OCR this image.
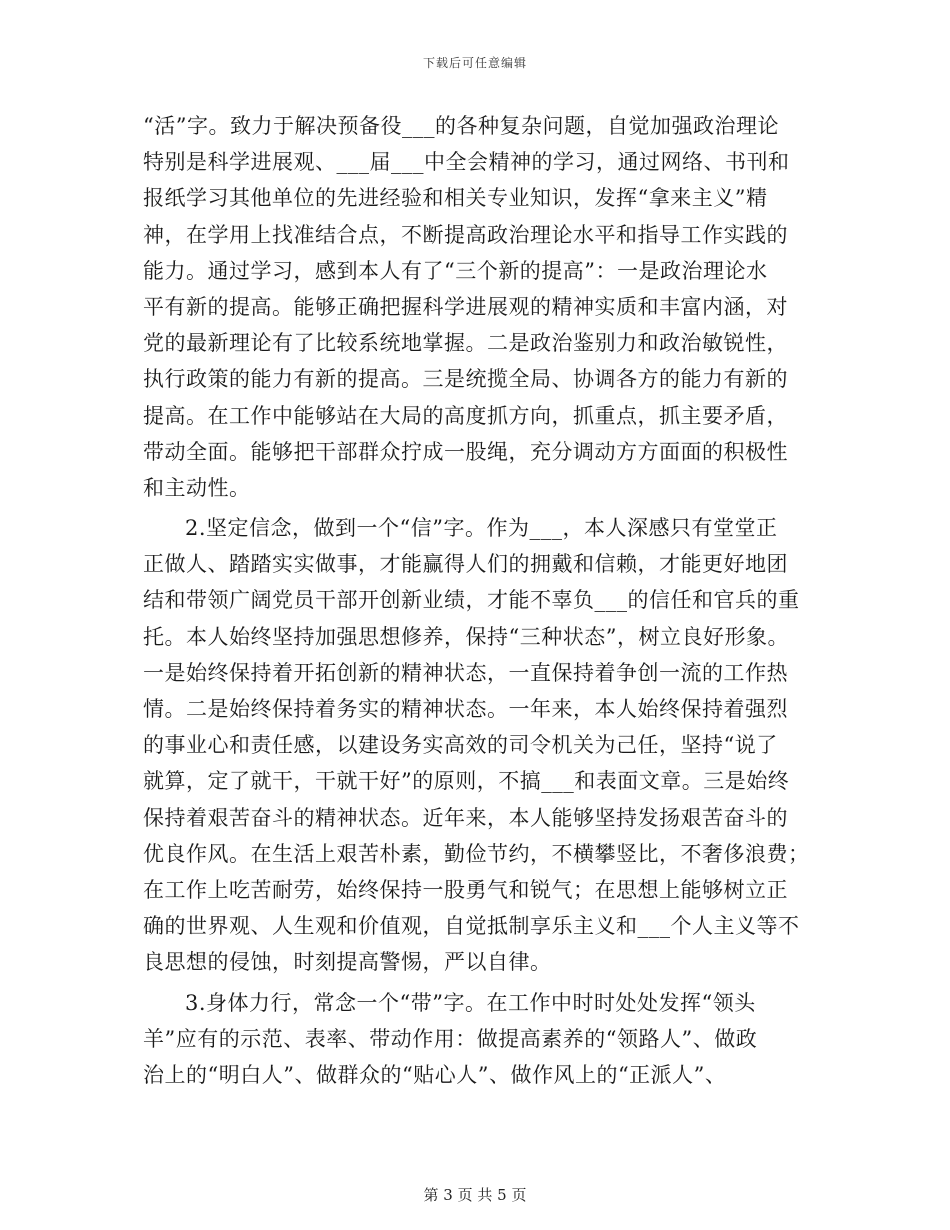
下载后可任意编辑
“活”字。致力于解决预备役___的各种复杂问题，自觉加强政治理论
特别是科学进展观、___届___中全会精神的学习，通过网络、书刊和
报纸学习其他单位的先进经验和相关专业知识，发挥“拿来主义”精
神，在学用上找准结合点，不断提高政治理论水平和指导工作实践的
能力。通过学习，感到本人有了“三个新的提高”：一是政治理论水
平有新的提高。能够正确把握科学进展观的精神实质和丰富内涵，对
党的最新理论有了比较系统地掌握。二是政治鉴别力和政治敏锐性，
执行政策的能力有新的提高。三是统揽全局、协调各方的能力有新的
提高。在工作中能够站在大局的高度抓方向，抓重点，抓主要矛盾，
带动全面。能够把干部群众拧成一股绳，充分调动方方面面的积极性
和主动性。
2.坚定信念，做到一个“信”字。作为___，本人深感只有堂堂正
正做人、踏踏实实做事，才能赢得人们的拥戴和信赖，才能更好地团
结和带领广阔党员干部开创新业绩，才能不辜负___的信任和官兵的重
托。本人始终坚持加强思想修养，保持“三种状态”，树立良好形象。
一是始终保持着开拓创新的精神状态，一直保持着争创一流的工作热
情。二是始终保持着务实的精神状态。一年来，本人始终保持着强烈
的事业心和责任感，以建设务实高效的司令机关为己任，坚持“说了
就算，定了就干，干就干好”的原则，不搞___和表面文章。三是始终
保持着艰苦奋斗的精神状态。近年来，本人能够坚持发扬艰苦奋斗的
优良作风。在生活上艰苦朴素，勤俭节约，不横攀竖比，不奢侈浪费；
在工作上吃苦耐劳，始终保持一股勇气和锐气；在思想上能够树立正
确的世界观、人生观和价值观，自觉抵制享乐主义和___个人主义等不
良思想的侵蚀，时刻提高警惕，严以自律。
3.身体力行，常念一个“带”字。在工作中时时处处发挥“领头
羊”应有的示范、表率、带动作用：做提高素养的“领路人”、做政
治上的“明白人”、做群众的“贴心人”、做作风上的“正派人”、
第 3 页 共 5 页
